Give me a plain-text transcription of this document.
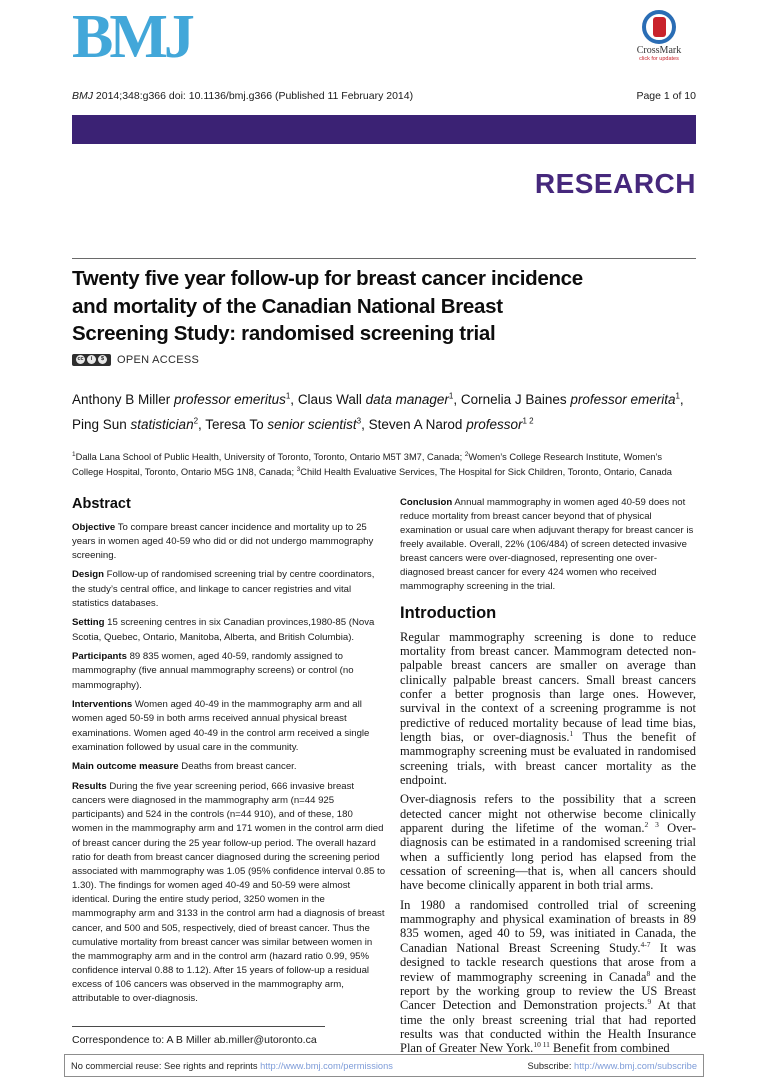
BMJ	CrossMark
click for updates
BMJ 2014;348:g366 doi: 10.1136/bmj.g366 (Published 11 February 2014)	Page 1 of 10
RESEARCH
Twenty five year follow-up for breast cancer incidence
and mortality of the Canadian National Breast
Screening Study: randomised screening trial
cc	i	$ OPEN ACCESS

Anthony B Miller professor emeritus$^1$, Claus Wall data manager$^1$, Cornelia J Baines professor emerita$^1$, Ping Sun statistician$^2$, Teresa To senior scientist$^3$, Steven A Narod professor$^{1 2}$

$^1$Dalla Lana School of Public Health, University of Toronto, Toronto, Ontario M5T 3M7, Canada; $^2$Women’s College Research Institute, Women’s College Hospital, Toronto, Ontario M5G 1N8, Canada; $^3$Child Health Evaluative Services, The Hospital for Sick Children, Toronto, Ontario, Canada

Abstract

Objective To compare breast cancer incidence and mortality up to 25 years in women aged 40-59 who did or did not undergo mammography screening.

Design Follow-up of randomised screening trial by centre coordinators, the study’s central office, and linkage to cancer registries and vital statistics databases.

Setting 15 screening centres in six Canadian provinces,1980-85 (Nova Scotia, Quebec, Ontario, Manitoba, Alberta, and British Columbia).

Participants 89 835 women, aged 40-59, randomly assigned to mammography (five annual mammography screens) or control (no mammography).

Interventions Women aged 40-49 in the mammography arm and all women aged 50-59 in both arms received annual physical breast examinations. Women aged 40-49 in the control arm received a single examination followed by usual care in the community.

Main outcome measure Deaths from breast cancer.

Results During the five year screening period, 666 invasive breast cancers were diagnosed in the mammography arm (n=44 925 participants) and 524 in the controls (n=44 910), and of these, 180 women in the mammography arm and 171 women in the control arm died of breast cancer during the 25 year follow-up period. The overall hazard ratio for death from breast cancer diagnosed during the screening period associated with mammography was 1.05 (95% confidence interval 0.85 to 1.30). The findings for women aged 40-49 and 50-59 were almost identical. During the entire study period, 3250 women in the mammography arm and 3133 in the control arm had a diagnosis of breast cancer, and 500 and 505, respectively, died of breast cancer. Thus the cumulative mortality from breast cancer was similar between women in the mammography arm and in the control arm (hazard ratio 0.99, 95% confidence interval 0.88 to 1.12). After 15 years of follow-up a residual excess of 106 cancers was observed in the mammography arm, attributable to over-diagnosis.

Conclusion Annual mammography in women aged 40-59 does not reduce mortality from breast cancer beyond that of physical examination or usual care when adjuvant therapy for breast cancer is freely available. Overall, 22% (106/484) of screen detected invasive breast cancers were over-diagnosed, representing one over-diagnosed breast cancer for every 424 women who received mammography screening in the trial.

Introduction

Regular mammography screening is done to reduce mortality from breast cancer. Mammogram detected non-palpable breast cancers are smaller on average than clinically palpable breast cancers. Small breast cancers confer a better prognosis than large ones. However, survival in the context of a screening programme is not predictive of reduced mortality because of lead time bias, length bias, or over-diagnosis.$^1$ Thus the benefit of mammography screening must be evaluated in randomised screening trials, with breast cancer mortality as the endpoint.

Over-diagnosis refers to the possibility that a screen detected cancer might not otherwise become clinically apparent during the lifetime of the woman.$^{2 3}$ Over-diagnosis can be estimated in a randomised screening trial when a sufficiently long period has elapsed from the cessation of screening—that is, when all cancers should have become clinically apparent in both trial arms.

In 1980 a randomised controlled trial of screening mammography and physical examination of breasts in 89 835 women, aged 40 to 59, was initiated in Canada, the Canadian National Breast Screening Study.$^{4-7}$ It was designed to tackle research questions that arose from a review of mammography screening in Canada$^8$ and the report by the working group to review the US Breast Cancer Detection and Demonstration projects.$^9$ At that time the only breast screening trial that had reported results was that conducted within the Health Insurance Plan of Greater New York.$^{10 11}$ Benefit from combined

Correspondence to: A B Miller ab.miller@utoronto.ca

No commercial reuse: See rights and reprints http://www.bmj.com/permissions	Subscribe: http://www.bmj.com/subscribe
